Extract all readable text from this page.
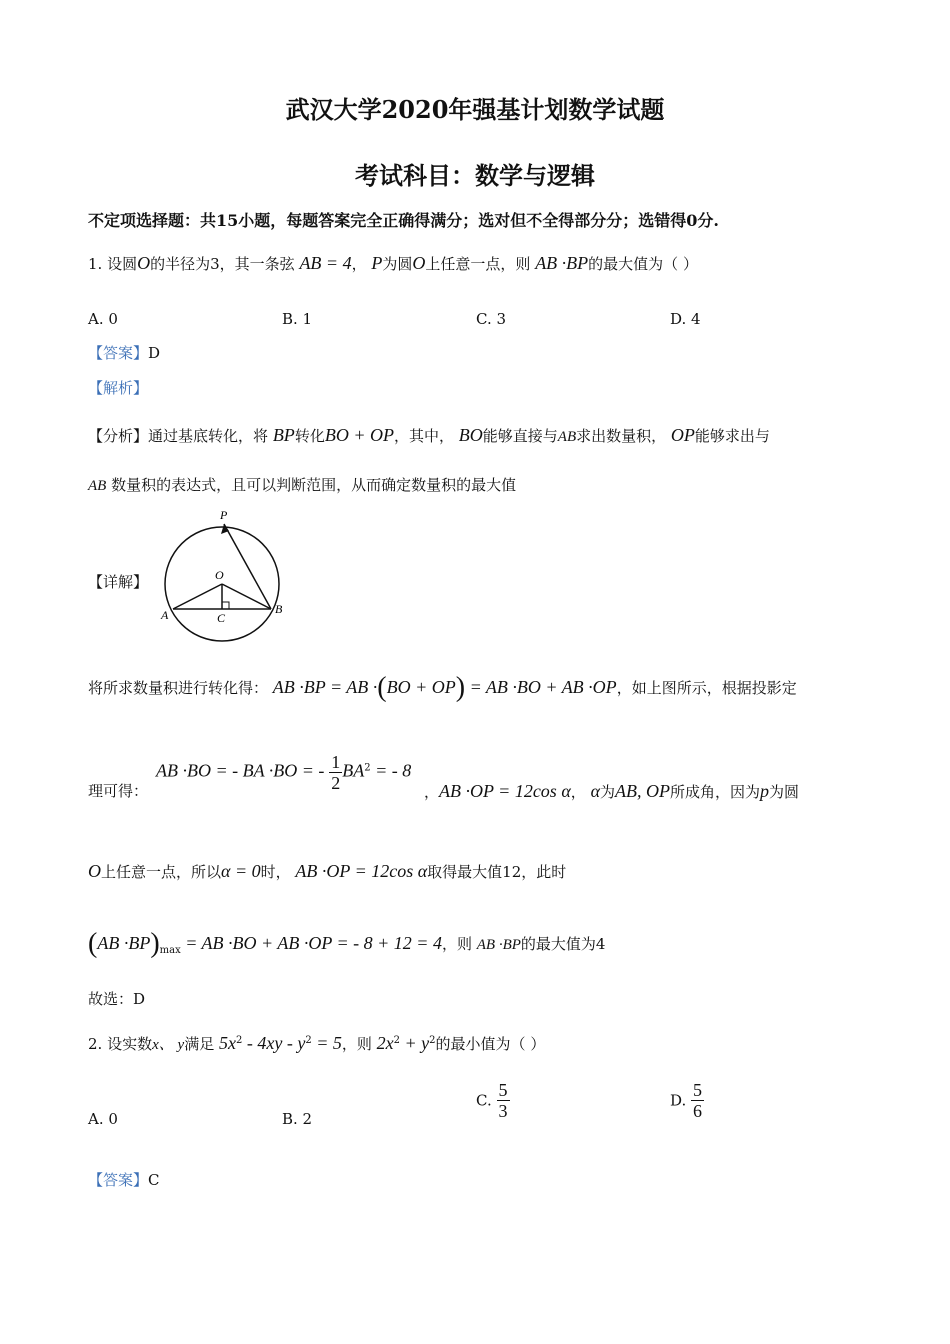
武汉大学2020年强基计划数学试题
考试科目：数学与逻辑
不定项选择题：共15小题，每题答案完全正确得满分；选对但不全得部分分；选错得0分.
1. 设圆O的半径为3，其一条弦 AB = 4， P为圆O上任意一点，则 AB ·BP的最大值为（ ）
A. 0	B. 1	C. 3	D. 4
【答案】D
【解析】
【分析】通过基底转化，将 BP转化BO + OP，其中， BO能够直接与AB求出数量积， OP能够求出与
AB 数量积的表达式，且可以判断范围，从而确定数量积的最大值
【详解】
P
O
A	B
C
将所求数量积进行转化得： AB ·BP = AB ·(BO + OP) = AB ·BO + AB ·OP，如上图所示，根据投影定
理可得：
AB ·BO = - BA ·BO = - $\frac{1}{2} BA^2$ = - 8
，AB ·OP = 12cos α， α为AB, OP所成角，因为p为圆
O上任意一点，所以α = 0时， AB ·OP = 12cos α取得最大值12，此时
$(AB \cdot BP)_{max}$ = AB ·BO + AB ·OP = - 8 + 12 = 4，则 AB ·BP的最大值为4
故选：D
2. 设实数x、 y满足 $5x^2 - 4xy - y^2 = 5$，则 $2x^2 + y^2$的最小值为（ ）
A. 0	B. 2
C. $\frac{5}{3}$	D. $\frac{5}{6}$
【答案】C
